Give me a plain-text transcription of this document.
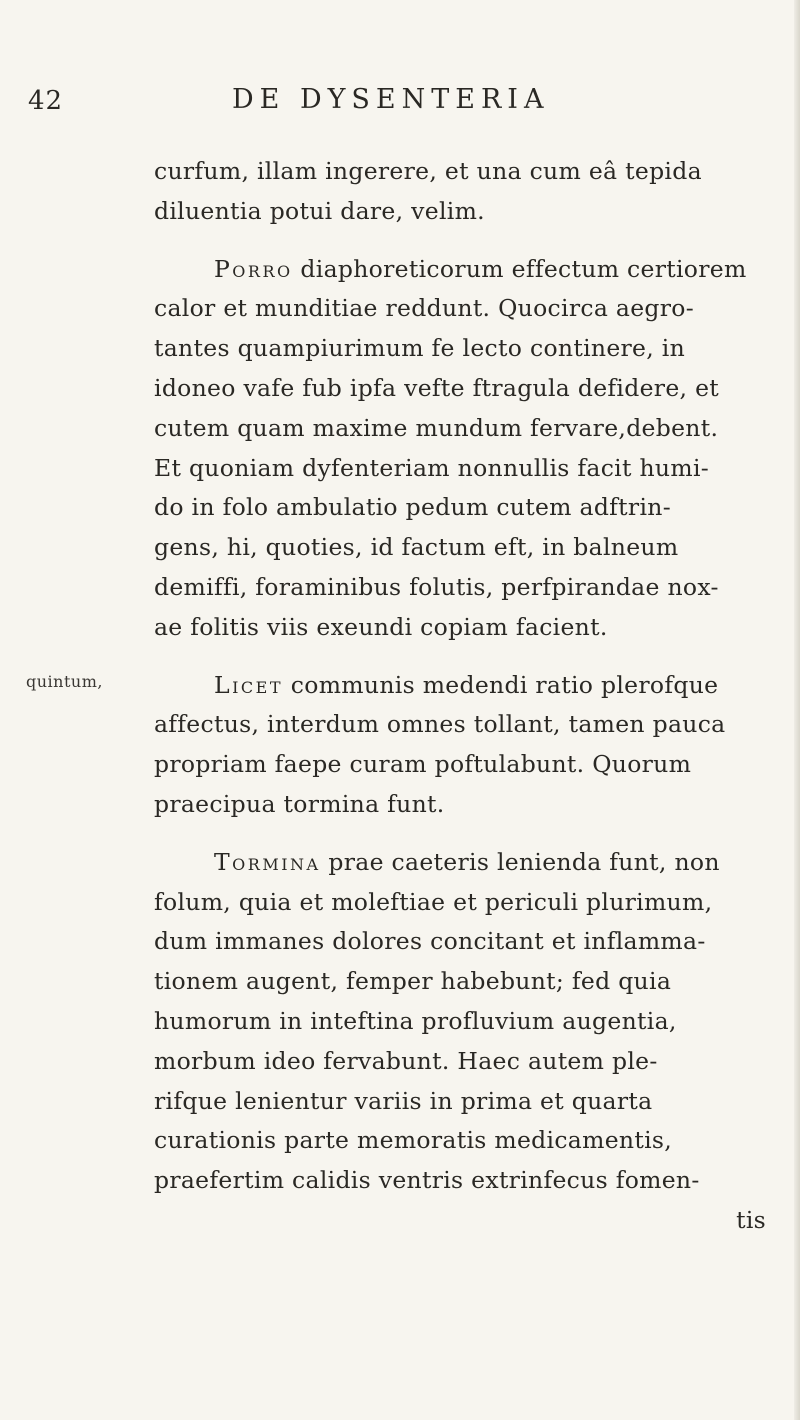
42	DE DYSENTERIA
quintum,
curfum, illam ingerere, et una cum eâ tepida
diluentia potui dare, velim.
Porro diaphoreticorum effectum certiorem
calor et munditiae reddunt. Quocirca aegro-
tantes quampiurimum fe lecto continere, in
idoneo vafe fub ipfa vefte ftragula defidere, et
cutem quam maxime mundum fervare,debent.
Et quoniam dyfenteriam nonnullis facit humi-
do in folo ambulatio pedum cutem adftrin-
gens, hi, quoties, id factum eft, in balneum
demiffi, foraminibus folutis, perfpirandae nox-
ae folitis viis exeundi copiam facient.
Licet communis medendi ratio plerofque
affectus, interdum omnes tollant, tamen pauca
propriam faepe curam poftulabunt. Quorum
praecipua tormina funt.
Tormina prae caeteris lenienda funt, non
folum, quia et moleftiae et periculi plurimum,
dum immanes dolores concitant et inflamma-
tionem augent, femper habebunt; fed quia
humorum in inteftina profluvium augentia,
morbum ideo fervabunt. Haec autem ple-
rifque lenientur variis in prima et quarta
curationis parte memoratis medicamentis,
praefertim calidis ventris extrinfecus fomen-
tis
